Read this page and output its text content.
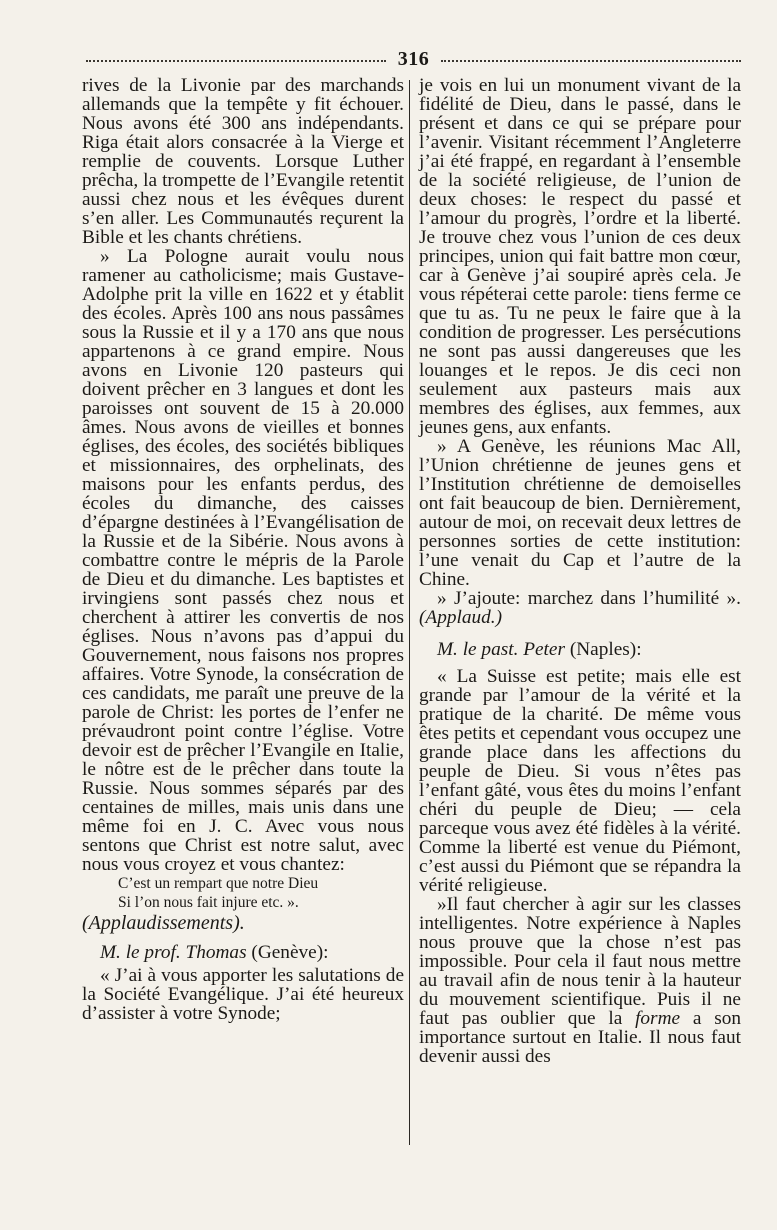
316

rives de la Livonie par des marchands allemands que la tempête y fit échouer. Nous avons été 300 ans indépendants. Riga était alors consacrée à la Vierge et remplie de couvents. Lorsque Luther prêcha, la trompette de l’Evangile retentit aussi chez nous et les évêques durent s’en aller. Les Communautés reçurent la Bible et les chants chrétiens.

» La Pologne aurait voulu nous ramener au catholicisme; mais Gustave-Adolphe prit la ville en 1622 et y établit des écoles. Après 100 ans nous passâmes sous la Russie et il y a 170 ans que nous appartenons à ce grand empire. Nous avons en Livonie 120 pasteurs qui doivent prêcher en 3 langues et dont les paroisses ont souvent de 15 à 20.000 âmes. Nous avons de vieilles et bonnes églises, des écoles, des sociétés bibliques et missionnaires, des orphelinats, des maisons pour les enfants perdus, des écoles du dimanche, des caisses d’épargne destinées à l’Evangélisation de la Russie et de la Sibérie. Nous avons à combattre contre le mépris de la Parole de Dieu et du dimanche. Les baptistes et irvingiens sont passés chez nous et cherchent à attirer les convertis de nos églises. Nous n’avons pas d’appui du Gouvernement, nous faisons nos propres affaires. Votre Synode, la consécration de ces candidats, me paraît une preuve de la parole de Christ: les portes de l’enfer ne prévaudront point contre l’église. Votre devoir est de prêcher l’Evangile en Italie, le nôtre est de le prêcher dans toute la Russie. Nous sommes séparés par des centaines de milles, mais unis dans une même foi en J. C. Avec vous nous sentons que Christ est notre salut, avec nous vous croyez et vous chantez:

C’est un rempart que notre Dieu

Si l’on nous fait injure etc. ».

(Applaudissements).

M. le prof. Thomas (Genève):

« J’ai à vous apporter les salutations de la Société Evangélique. J’ai été heureux d’assister à votre Synode;

je vois en lui un monument vivant de la fidélité de Dieu, dans le passé, dans le présent et dans ce qui se prépare pour l’avenir. Visitant récemment l’Angleterre j’ai été frappé, en regardant à l’ensemble de la société religieuse, de l’union de deux choses: le respect du passé et l’amour du progrès, l’ordre et la liberté. Je trouve chez vous l’union de ces deux principes, union qui fait battre mon cœur, car à Genève j’ai soupiré après cela. Je vous répéterai cette parole: tiens ferme ce que tu as. Tu ne peux le faire que à la condition de progresser. Les persécutions ne sont pas aussi dangereuses que les louanges et le repos. Je dis ceci non seulement aux pasteurs mais aux membres des églises, aux femmes, aux jeunes gens, aux enfants.

» A Genève, les réunions Mac All, l’Union chrétienne de jeunes gens et l’Institution chrétienne de demoiselles ont fait beaucoup de bien. Dernièrement, autour de moi, on recevait deux lettres de personnes sorties de cette institution: l’une venait du Cap et l’autre de la Chine.

» J’ajoute: marchez dans l’humilité ». (Applaud.)

M. le past. Peter (Naples):

« La Suisse est petite; mais elle est grande par l’amour de la vérité et la pratique de la charité. De même vous êtes petits et cependant vous occupez une grande place dans les affections du peuple de Dieu. Si vous n’êtes pas l’enfant gâté, vous êtes du moins l’enfant chéri du peuple de Dieu; — cela parceque vous avez été fidèles à la vérité. Comme la liberté est venue du Piémont, c’est aussi du Piémont que se répandra la vérité religieuse.

»Il faut chercher à agir sur les classes intelligentes. Notre expérience à Naples nous prouve que la chose n’est pas impossible. Pour cela il faut nous mettre au travail afin de nous tenir à la hauteur du mouvement scientifique. Puis il ne faut pas oublier que la forme a son importance surtout en Italie. Il nous faut devenir aussi des
